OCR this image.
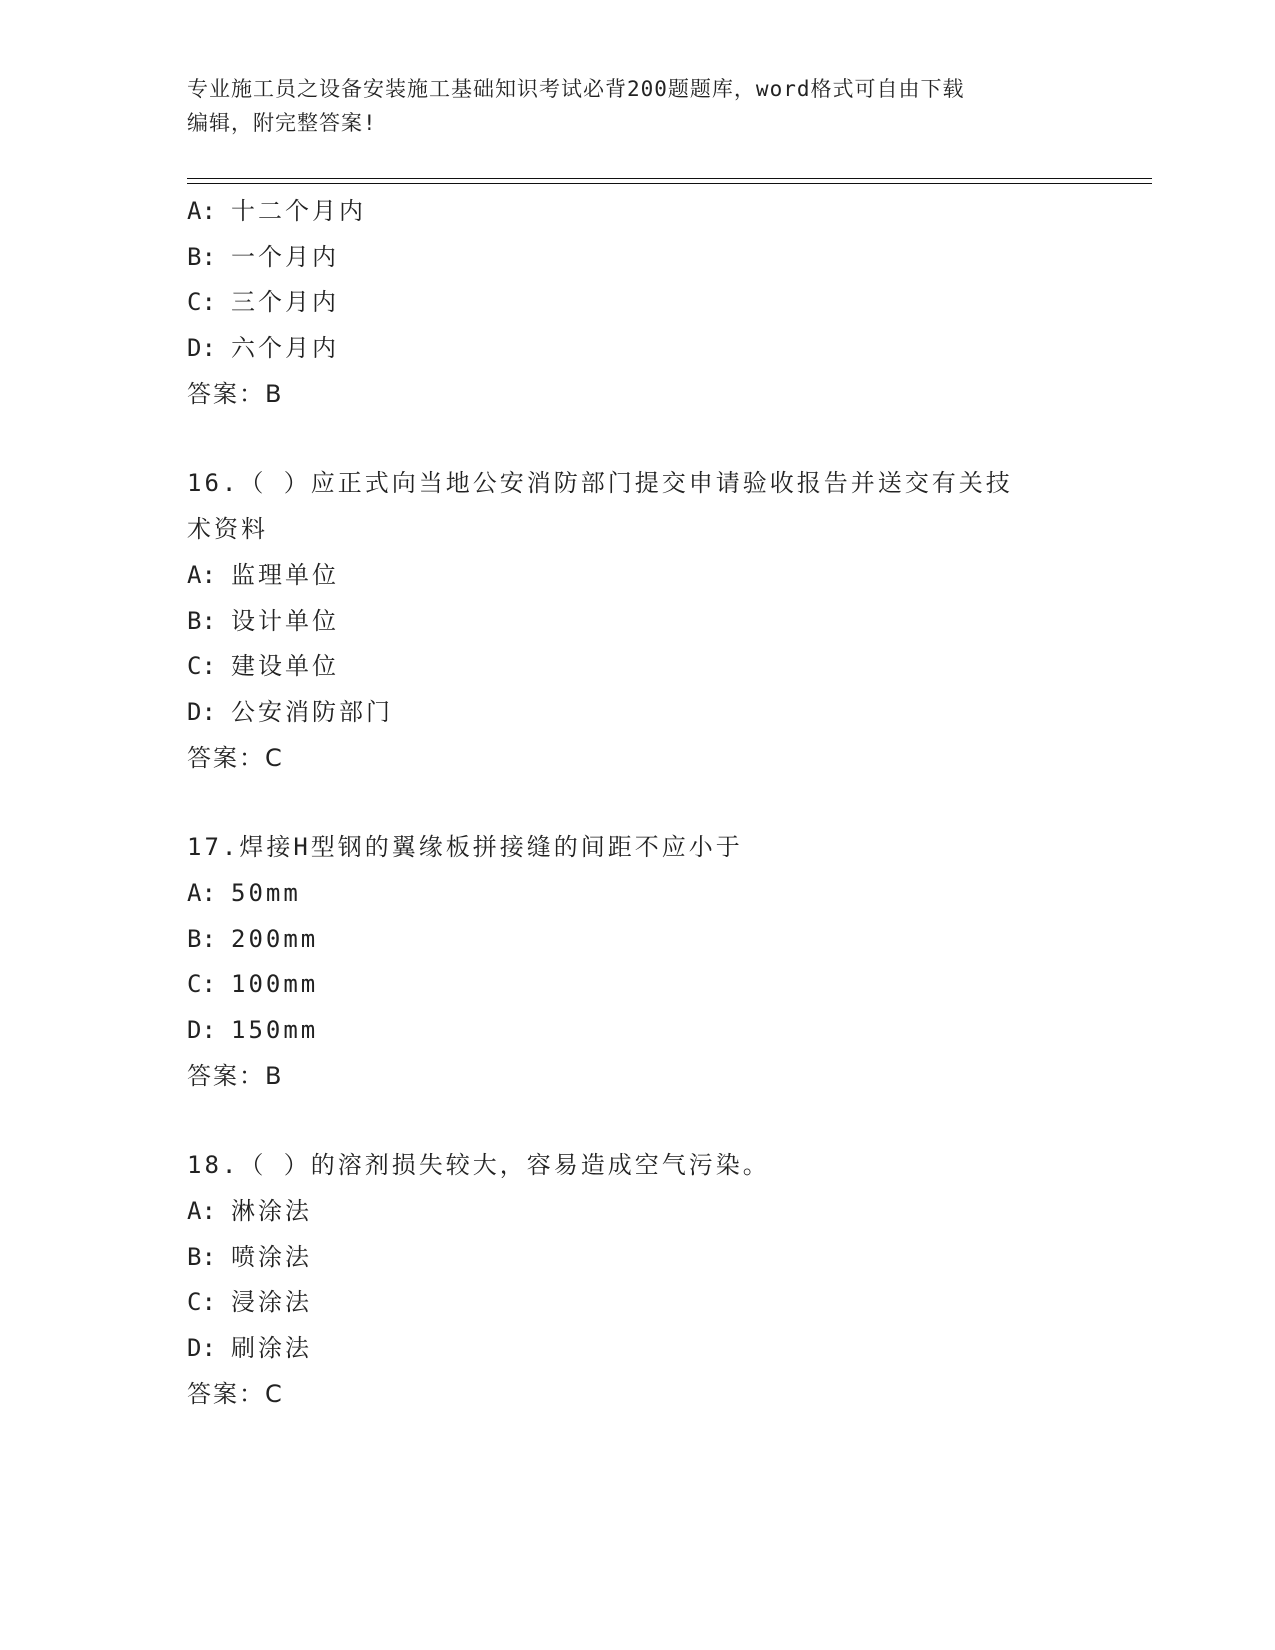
专业施工员之设备安装施工基础知识考试必背200题题库，word格式可自由下载
编辑，附完整答案!
A: 十二个月内
B: 一个月内
C: 三个月内
D: 六个月内
答案：B
16.（ ）应正式向当地公安消防部门提交申请验收报告并送交有关技
术资料
A: 监理单位
B: 设计单位
C: 建设单位
D: 公安消防部门
答案：C
17.焊接H型钢的翼缘板拼接缝的间距不应小于
A: 50mm
B: 200mm
C: 100mm
D: 150mm
答案：B
18.（ ）的溶剂损失较大，容易造成空气污染。
A: 淋涂法
B: 喷涂法
C: 浸涂法
D: 刷涂法
答案：C
